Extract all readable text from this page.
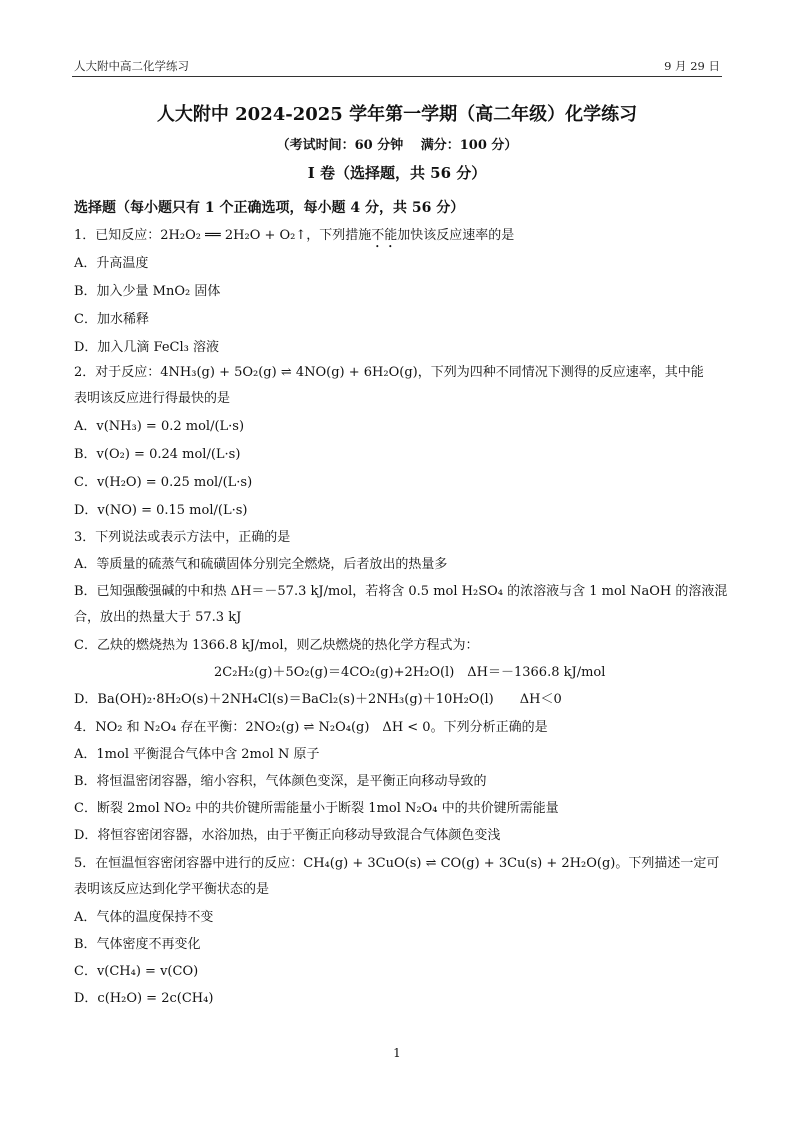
人大附中高二化学练习	9 月 29 日
人大附中 2024-2025 学年第一学期（高二年级）化学练习
（考试时间：60 分钟　 满分：100 分）
I 卷（选择题，共 56 分）
选择题（每小题只有 1 个正确选项，每小题 4 分，共 56 分）
1．已知反应：2H₂O₂ ══ 2H₂O + O₂↑，下列措施不能加快该反应速率的是
A．升高温度
B．加入少量 MnO₂ 固体
C．加水稀释
D．加入几滴 FeCl₃ 溶液
2．对于反应：4NH₃(g) + 5O₂(g) ⇌ 4NO(g) + 6H₂O(g)，下列为四种不同情况下测得的反应速率，其中能
表明该反应进行得最快的是
A．v(NH₃) = 0.2 mol/(L·s)
B．v(O₂) = 0.24 mol/(L·s)
C．v(H₂O) = 0.25 mol/(L·s)
D．v(NO) = 0.15 mol/(L·s)
3．下列说法或表示方法中，正确的是
A．等质量的硫蒸气和硫磺固体分别完全燃烧，后者放出的热量多
B．已知强酸强碱的中和热 ΔH＝－57.3 kJ/mol，若将含 0.5 mol H₂SO₄ 的浓溶液与含 1 mol NaOH 的溶液混
合，放出的热量大于 57.3 kJ
C．乙炔的燃烧热为 1366.8 kJ/mol，则乙炔燃烧的热化学方程式为：
2C₂H₂(g)＋5O₂(g)＝4CO₂(g)+2H₂O(l)　ΔH＝－1366.8 kJ/mol
D．Ba(OH)₂·8H₂O(s)＋2NH₄Cl(s)＝BaCl₂(s)＋2NH₃(g)＋10H₂O(l)　　ΔH＜0
4．NO₂ 和 N₂O₄ 存在平衡：2NO₂(g) ⇌ N₂O₄(g)　ΔH < 0。下列分析正确的是
A．1mol 平衡混合气体中含 2mol N 原子
B．将恒温密闭容器，缩小容积，气体颜色变深，是平衡正向移动导致的
C．断裂 2mol NO₂ 中的共价键所需能量小于断裂 1mol N₂O₄ 中的共价键所需能量
D．将恒容密闭容器，水浴加热，由于平衡正向移动导致混合气体颜色变浅
5．在恒温恒容密闭容器中进行的反应：CH₄(g) + 3CuO(s) ⇌ CO(g) + 3Cu(s) + 2H₂O(g)。下列描述一定可
表明该反应达到化学平衡状态的是
A．气体的温度保持不变
B．气体密度不再变化
C．v(CH₄) = v(CO)
D．c(H₂O) = 2c(CH₄)
1
